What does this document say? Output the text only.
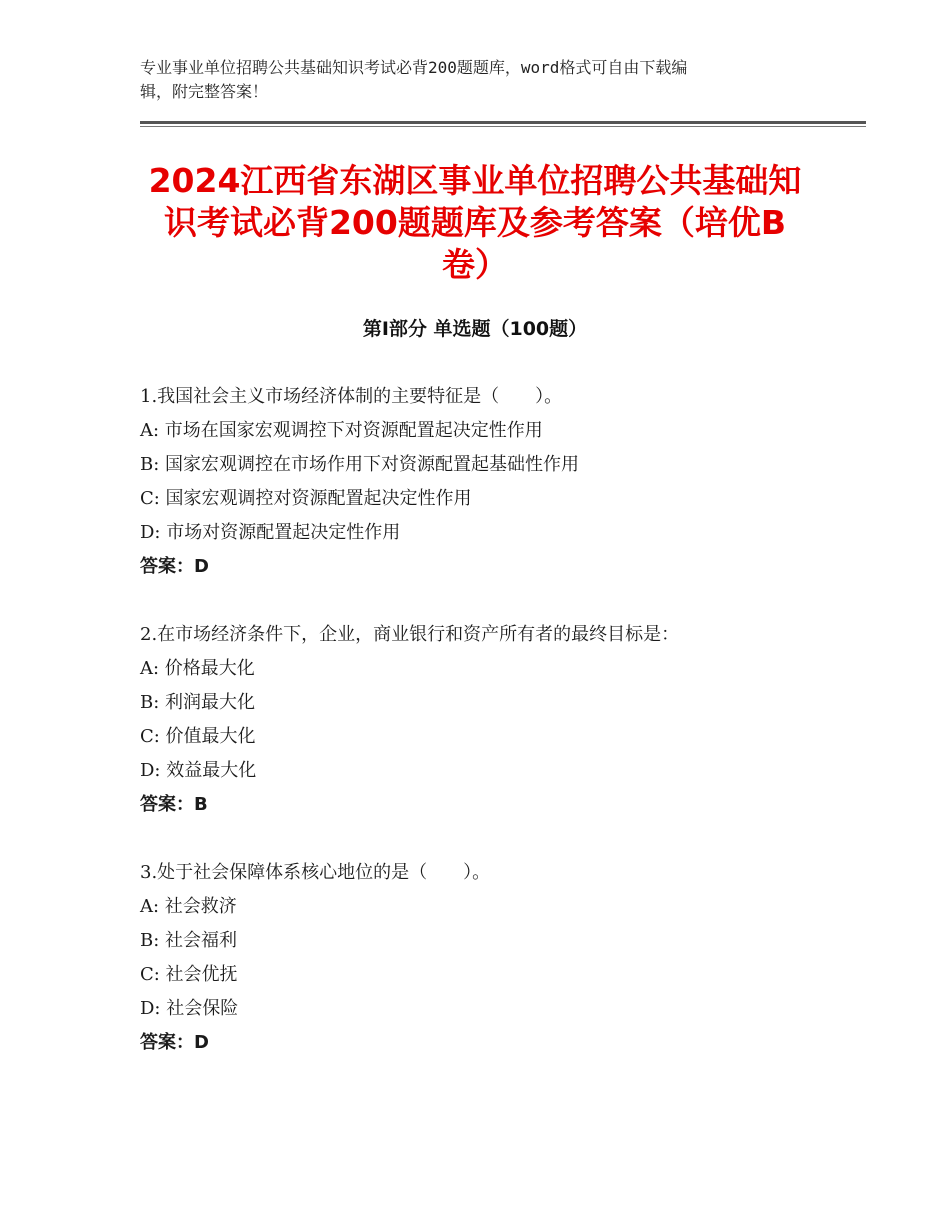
专业事业单位招聘公共基础知识考试必背200题题库，word格式可自由下载编
辑，附完整答案！
2024江西省东湖区事业单位招聘公共基础知
识考试必背200题题库及参考答案（培优B
卷）
第Ⅰ部分 单选题（100题）
1.我国社会主义市场经济体制的主要特征是（　　）。
A: 市场在国家宏观调控下对资源配置起决定性作用
B: 国家宏观调控在市场作用下对资源配置起基础性作用
C: 国家宏观调控对资源配置起决定性作用
D: 市场对资源配置起决定性作用
答案：D
2.在市场经济条件下，企业，商业银行和资产所有者的最终目标是：
A: 价格最大化
B: 利润最大化
C: 价值最大化
D: 效益最大化
答案：B
3.处于社会保障体系核心地位的是（　　）。
A: 社会救济
B: 社会福利
C: 社会优抚
D: 社会保险
答案：D
